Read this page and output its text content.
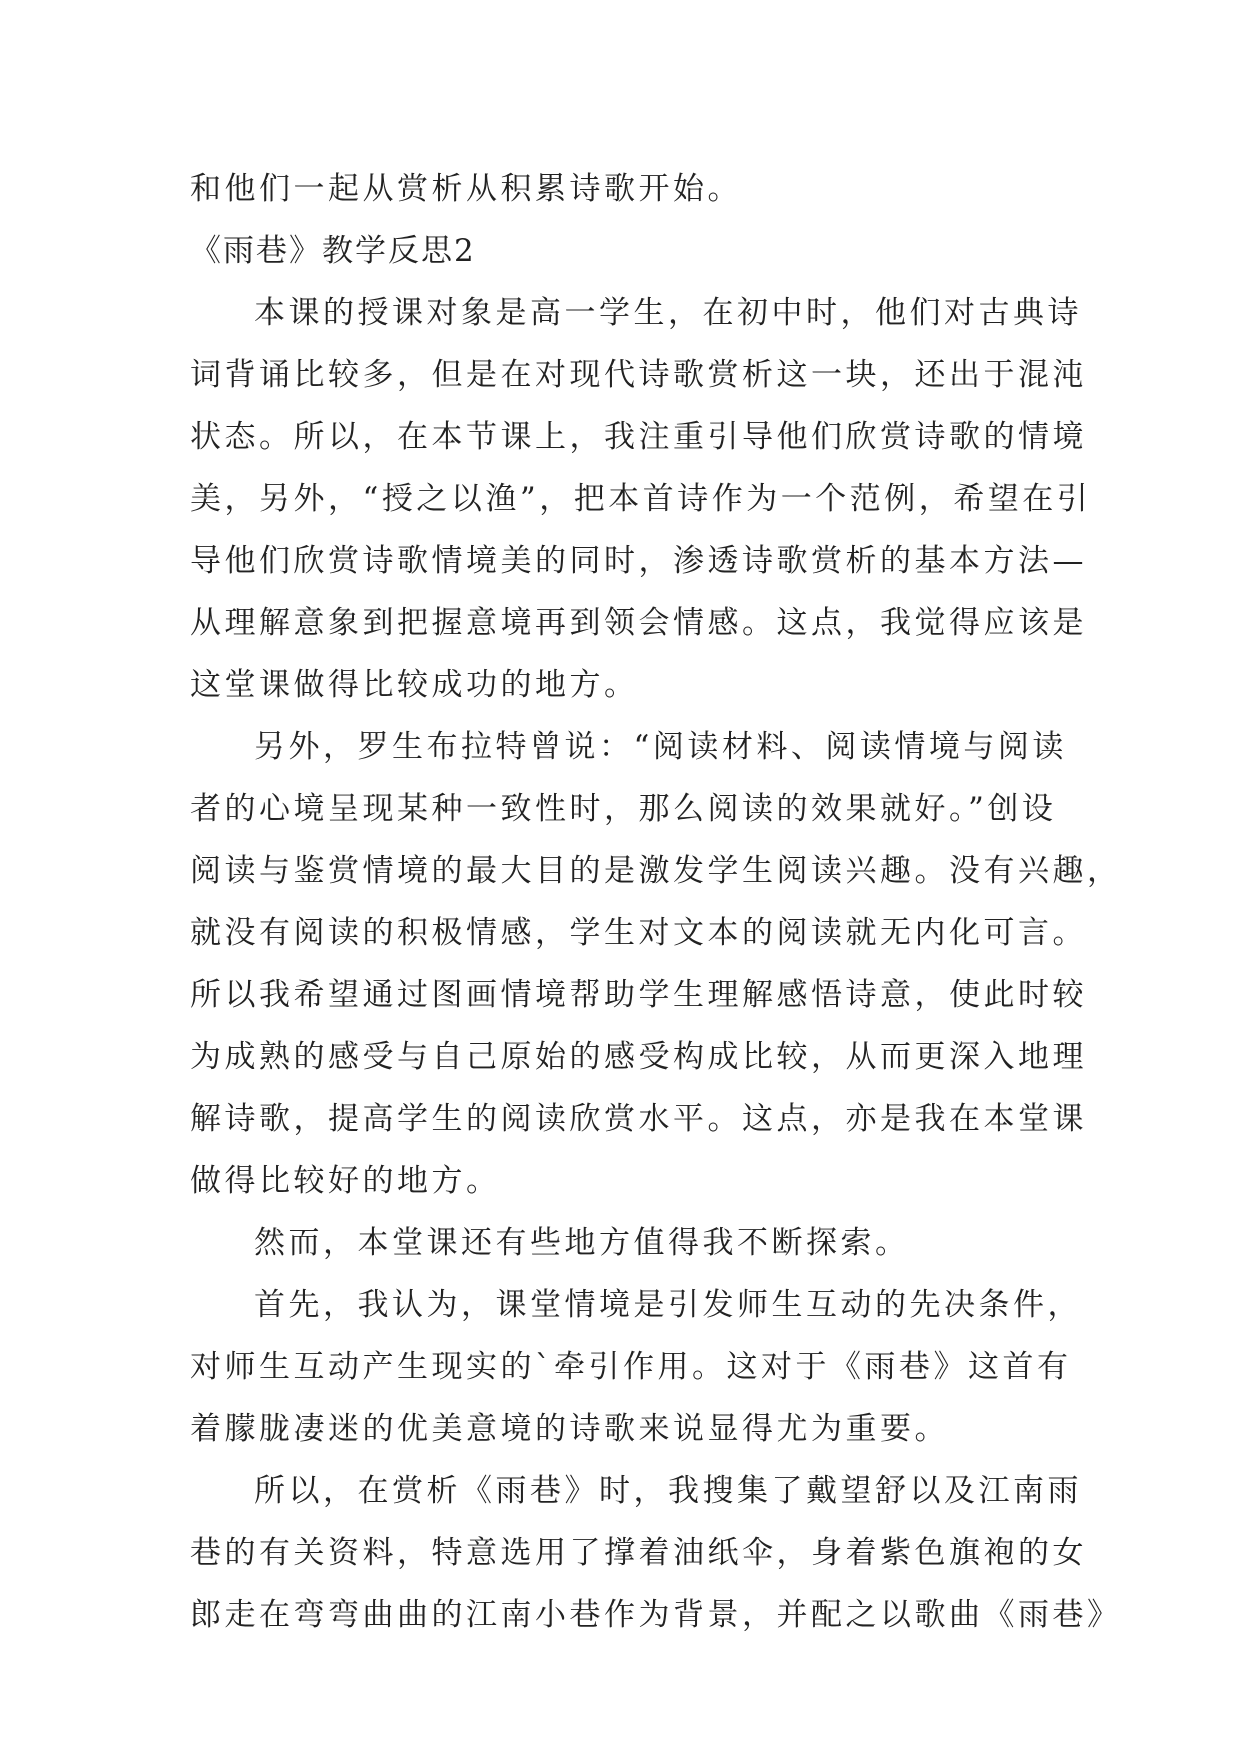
和他们一起从赏析从积累诗歌开始。
《雨巷》教学反思2
本课的授课对象是高一学生，在初中时，他们对古典诗
词背诵比较多，但是在对现代诗歌赏析这一块，还出于混沌
状态。所以，在本节课上，我注重引导他们欣赏诗歌的情境
美，另外，“授之以渔”，把本首诗作为一个范例，希望在引
导他们欣赏诗歌情境美的同时，渗透诗歌赏析的基本方法—
从理解意象到把握意境再到领会情感。这点，我觉得应该是
这堂课做得比较成功的地方。
另外，罗生布拉特曾说：“阅读材料、阅读情境与阅读
者的心境呈现某种一致性时，那么阅读的效果就好。”创设
阅读与鉴赏情境的最大目的是激发学生阅读兴趣。没有兴趣，
就没有阅读的积极情感，学生对文本的阅读就无内化可言。
所以我希望通过图画情境帮助学生理解感悟诗意，使此时较
为成熟的感受与自己原始的感受构成比较，从而更深入地理
解诗歌，提高学生的阅读欣赏水平。这点，亦是我在本堂课
做得比较好的地方。
然而，本堂课还有些地方值得我不断探索。
首先，我认为，课堂情境是引发师生互动的先决条件，
对师生互动产生现实的`牵引作用。这对于《雨巷》这首有
着朦胧凄迷的优美意境的诗歌来说显得尤为重要。
所以，在赏析《雨巷》时，我搜集了戴望舒以及江南雨
巷的有关资料，特意选用了撑着油纸伞，身着紫色旗袍的女
郎走在弯弯曲曲的江南小巷作为背景，并配之以歌曲《雨巷》
